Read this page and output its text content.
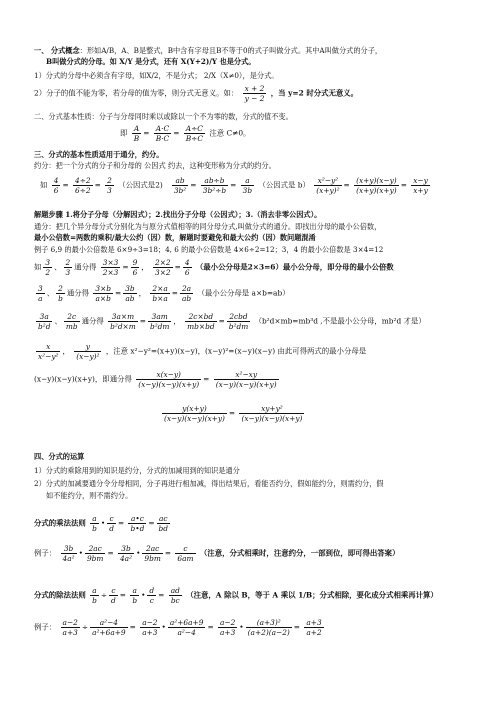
一、 分式概念：形如A/B，A、B是整式，B中含有字母且B不等于0的式子叫做分式。其中A叫做分式的分子，
B叫做分式的分母。如 X/Y 是分式，还有 X(Y+2)/Y 也是分式。
1）分式的分母中必须含有字母，如X/2，不是分式； 2/X（X≠0），是分式。
2）分子的值不能为零，若分母的值为零，则分式无意义。如： $\frac{x + 2}{y - 2}$ ，当 y=2 时分式无意义。
二、分式基本性质：分子与分母同时乘以或除以一个不为零的数，分式的值不变。
即 $\frac{A}{B} = \frac{A\cdot C}{B\cdot C} = \frac{A\div C}{B\div C}$ 注意 C≠0。
三、分式的基本性质适用于通分，约分。
约分：把一个分式的分子和分母的 公因式 约去，这种变形称为分式的约分。
如 $\frac{4}{6} = \frac{4\div 2}{6\div 2} = \frac{2}{3}$ （公因式是$2) \frac{ab}{\text{3b²}} = \frac{ab\div b}{\text{3b²÷b}} = \frac{a}{3b}$ （公因式是 $b) \frac{\text{x²−y²}}{\text{(x+y)²}} = \frac{(x+y)(x-y)}{(x+y)(x+y)} = \frac{x-y}{x+y}$
解题步骤 1.将分子分母（分解因式）；2.找出分子分母（公因式）；3.（消去非零公因式）。
通分：把几个异分母分式分别化为与原分式值相等的同分母分式,叫做分式的通分。即找出分母的最小公倍数，
最小公倍数=两数的乘积/最大公约（因）数，解题时要避免和最大公约（因）数问题混淆
例子 6,9 的最小公倍数是 6×9÷3=18；4, 6 的最小公倍数是 4×6÷2=12；3，4 的最小公倍数是 3×4=12
如 $\frac{3}{2}$ 、 $\frac{2}{3}$ 通分得 $\frac{3\times 3}{2\times 3} = \frac{9}{6}$ ， $\frac{2\times 2}{3\times 2} = \frac{4}{6}$ （最小公分母是2×3=6）最小公分母，即分母的最小公倍数
$\frac{3}{a}$ 、 $\frac{2}{b}$ 通分得 $\frac{3\times b}{a\times b} = \frac{3b}{ab}$ ， $\frac{2\times a}{b\times a} = \frac{2a}{ab}$ （最小公分母是 a×b=ab）
$\frac{3a}{\text{b²d}}$ 、 $\frac{2c}{mb}$ 通分得 $\frac{3a\times m}{\text{b²d×m}} = \frac{3am}{\text{b²dm}}$ ， $\frac{2c\times bd}{mb\times bd} = \frac{\text{2cbd}}{\text{b²dm}} (b^2d\times mb=mb^3d$ ,不是最小公分母，mb²d 才是）
$\frac{x}{\text{x²−y²}}$ ， $\frac{y}{\text{(x−y)²}}$ ，注意 x²−y²=(x+y)(x−y)，(x−y)²=(x−y)(x−y) 由此可得两式的最小分母是
(x−y)(x−y)(x+y)，即通分得 $\frac{x(x-y)}{(x-y)(x-y)(x+y)} = \frac{\text{x²−xy}}{(x-y)(x-y)(x+y)}$
$\frac{y(x+y)}{(x-y)(x-y)(x+y)} = \frac{\text{xy+y²}}{(x-y)(x-y)(x+y)}$
四、分式的运算
1）分式的乘除用到的知识是约分，分式的加减用到的知识是通分
2）分式的加减要通分令分母相同，分子再进行相加减，得出结果后，看能否约分，假如能约分，则需约分，假
如不能约分，则不需约分。
分式的乘法法则 $\frac{a}{b}$ • $\frac{c}{d} = \frac{a•c}{b•d} = \frac{ac}{bd}$
例子： $\frac{3b}{\text{4a²}}$ • $\frac{2ac}{9bm} = \frac{3b}{\text{4a²}}$ • $\frac{2ac}{9bm} = \frac{c}{6am}$ （注意，分式相乘时，注意约分，一部到位，即可得出答案）
分式的除法法则 $\frac{a}{b} \div \frac{c}{d} = \frac{a}{b}$ • $\frac{d}{c} = \frac{ad}{bc}$ （注意，A 除以 B，等于 A 乘以 1/B；分式相除，要化成分式相乘再计算）
例子： $\frac{a-2}{a+3} \div \frac{\text{a²−4}}{\text{a²+6a+9}} = \frac{a-2}{a+3}$ • $\frac{\text{a²+6a+9}}{\text{a²−4}} = \frac{a-2}{a+3}$ • $\frac{\text{(a+3)²}}{(a+2)(a-2)} = \frac{a+3}{a+2}$
